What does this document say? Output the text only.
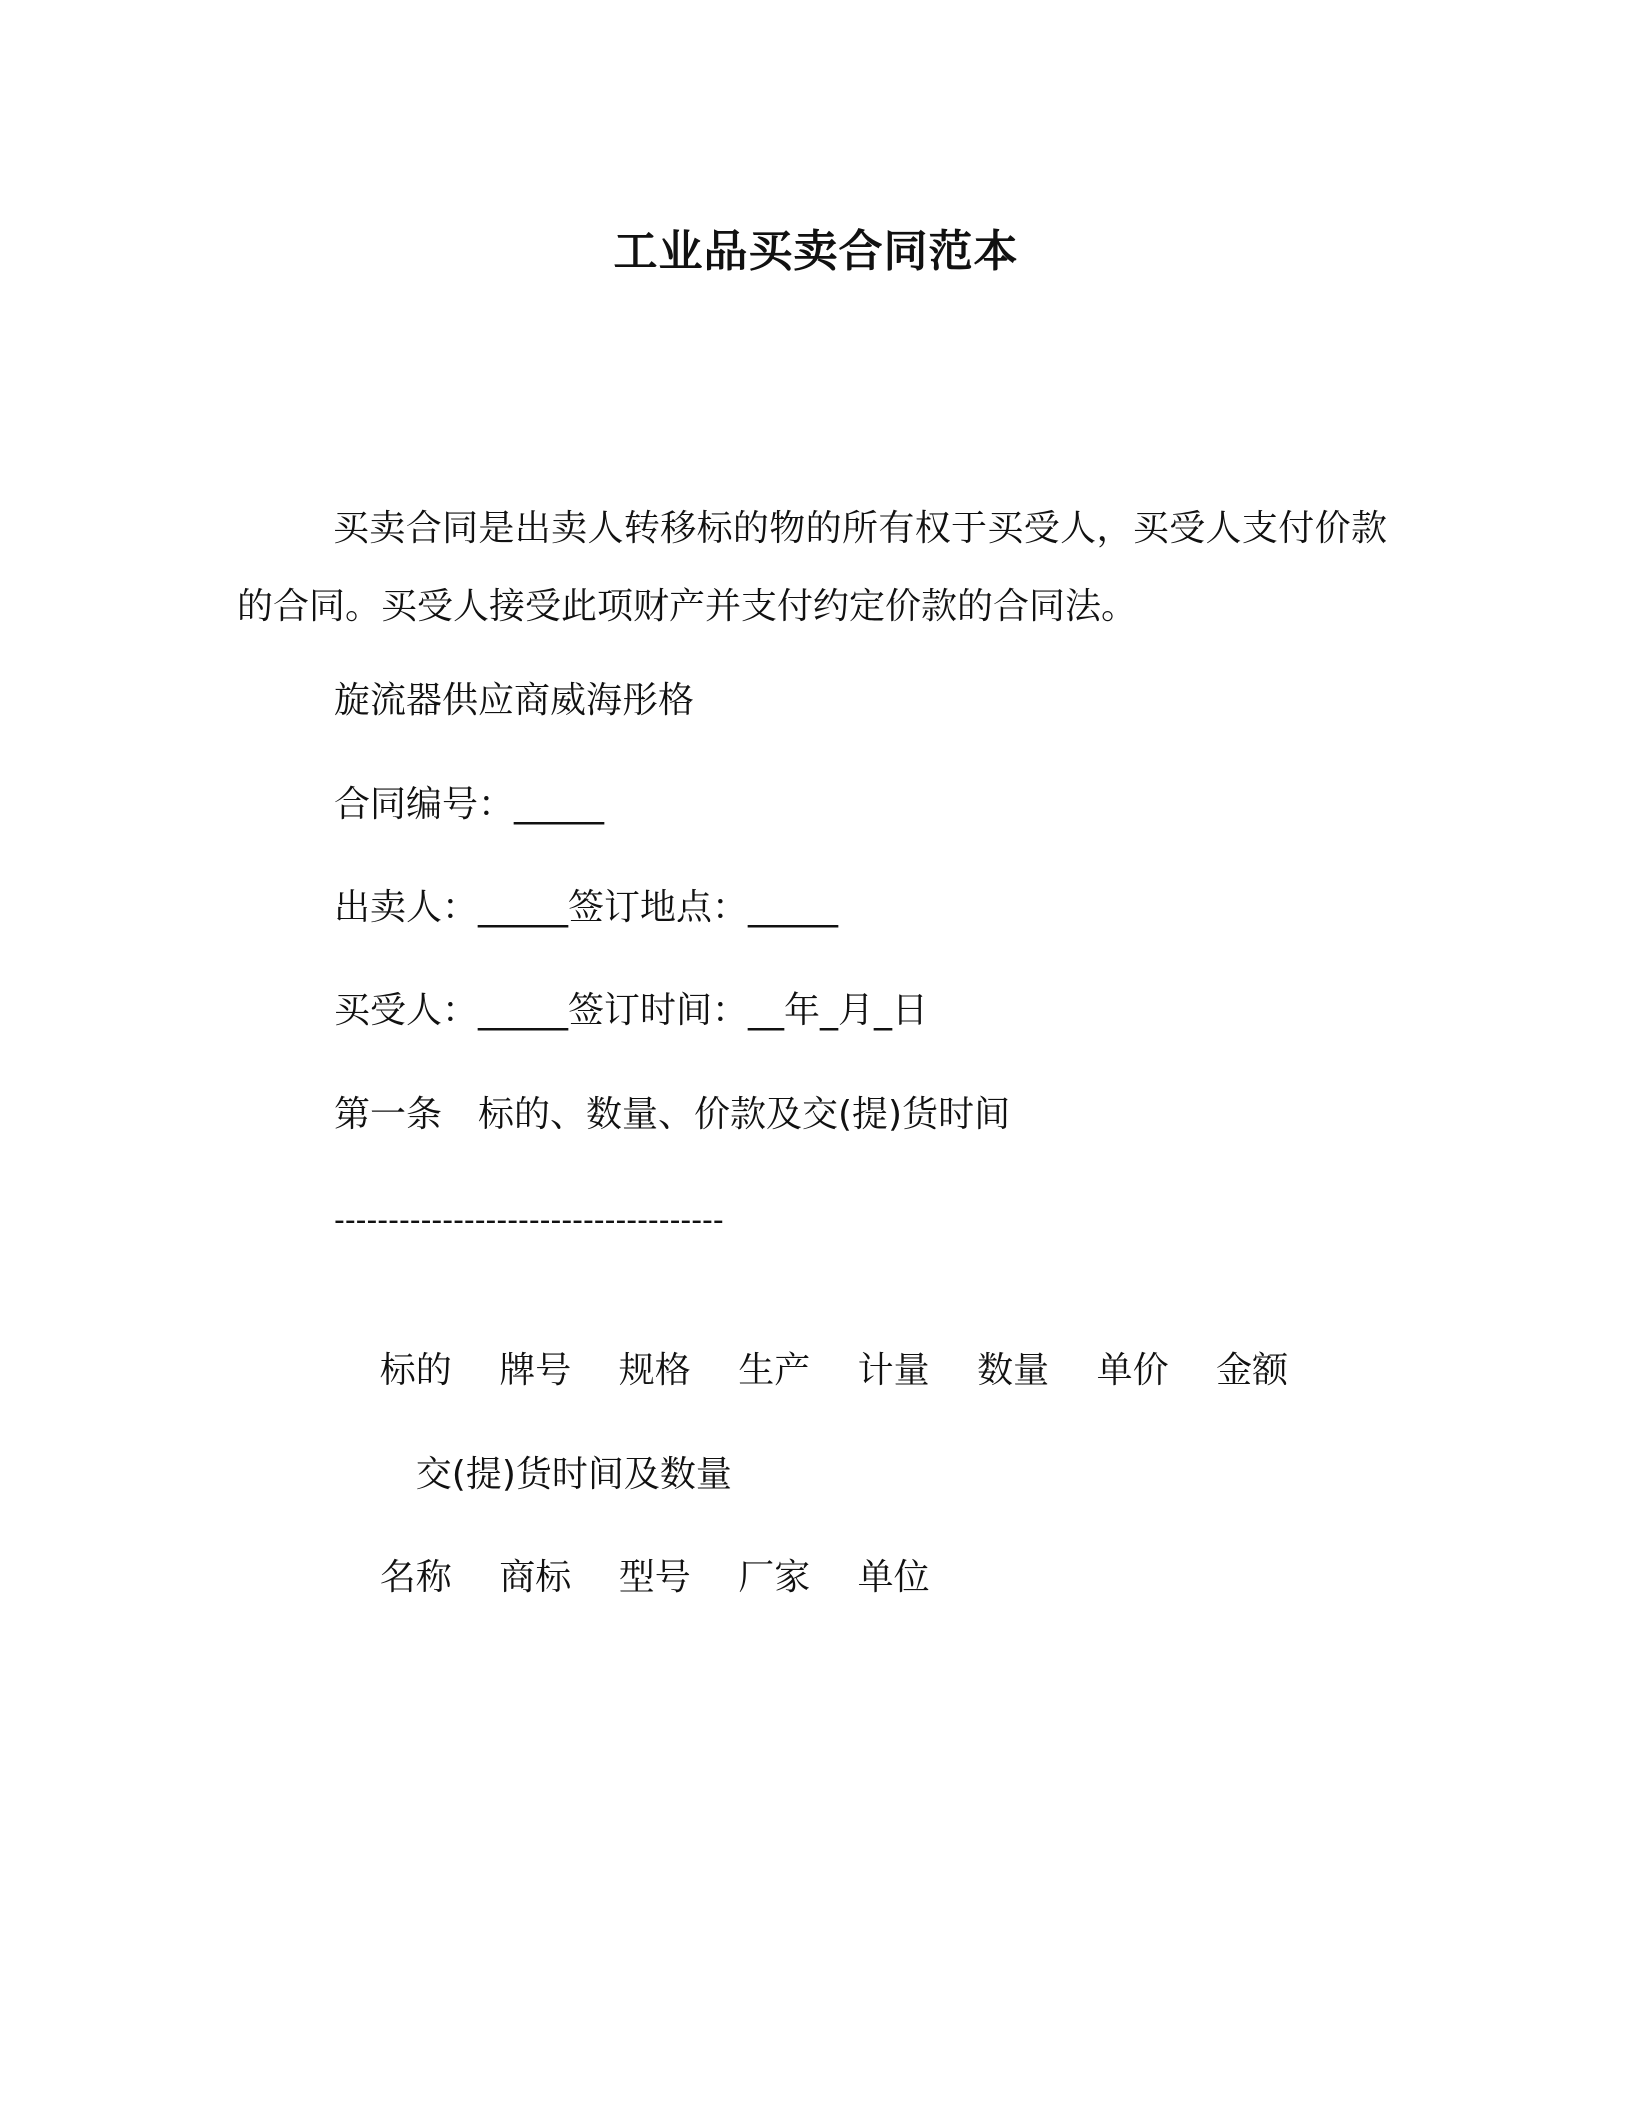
工业品买卖合同范本
买卖合同是出卖人转移标的物的所有权于买受人，买受人支付价款的合同。买受人接受此项财产并支付约定价款的合同法。
旋流器供应商威海彤格
合同编号：_____
出卖人：_____签订地点：_____
买受人：_____签订时间：__年_月_日
第一条　标的、数量、价款及交(提)货时间
------------------------------------

标的　 牌号　 规格　 生产　 计量　 数量　 单价　 金额

　交(提)货时间及数量

名称　 商标　 型号　 厂家　 单位
